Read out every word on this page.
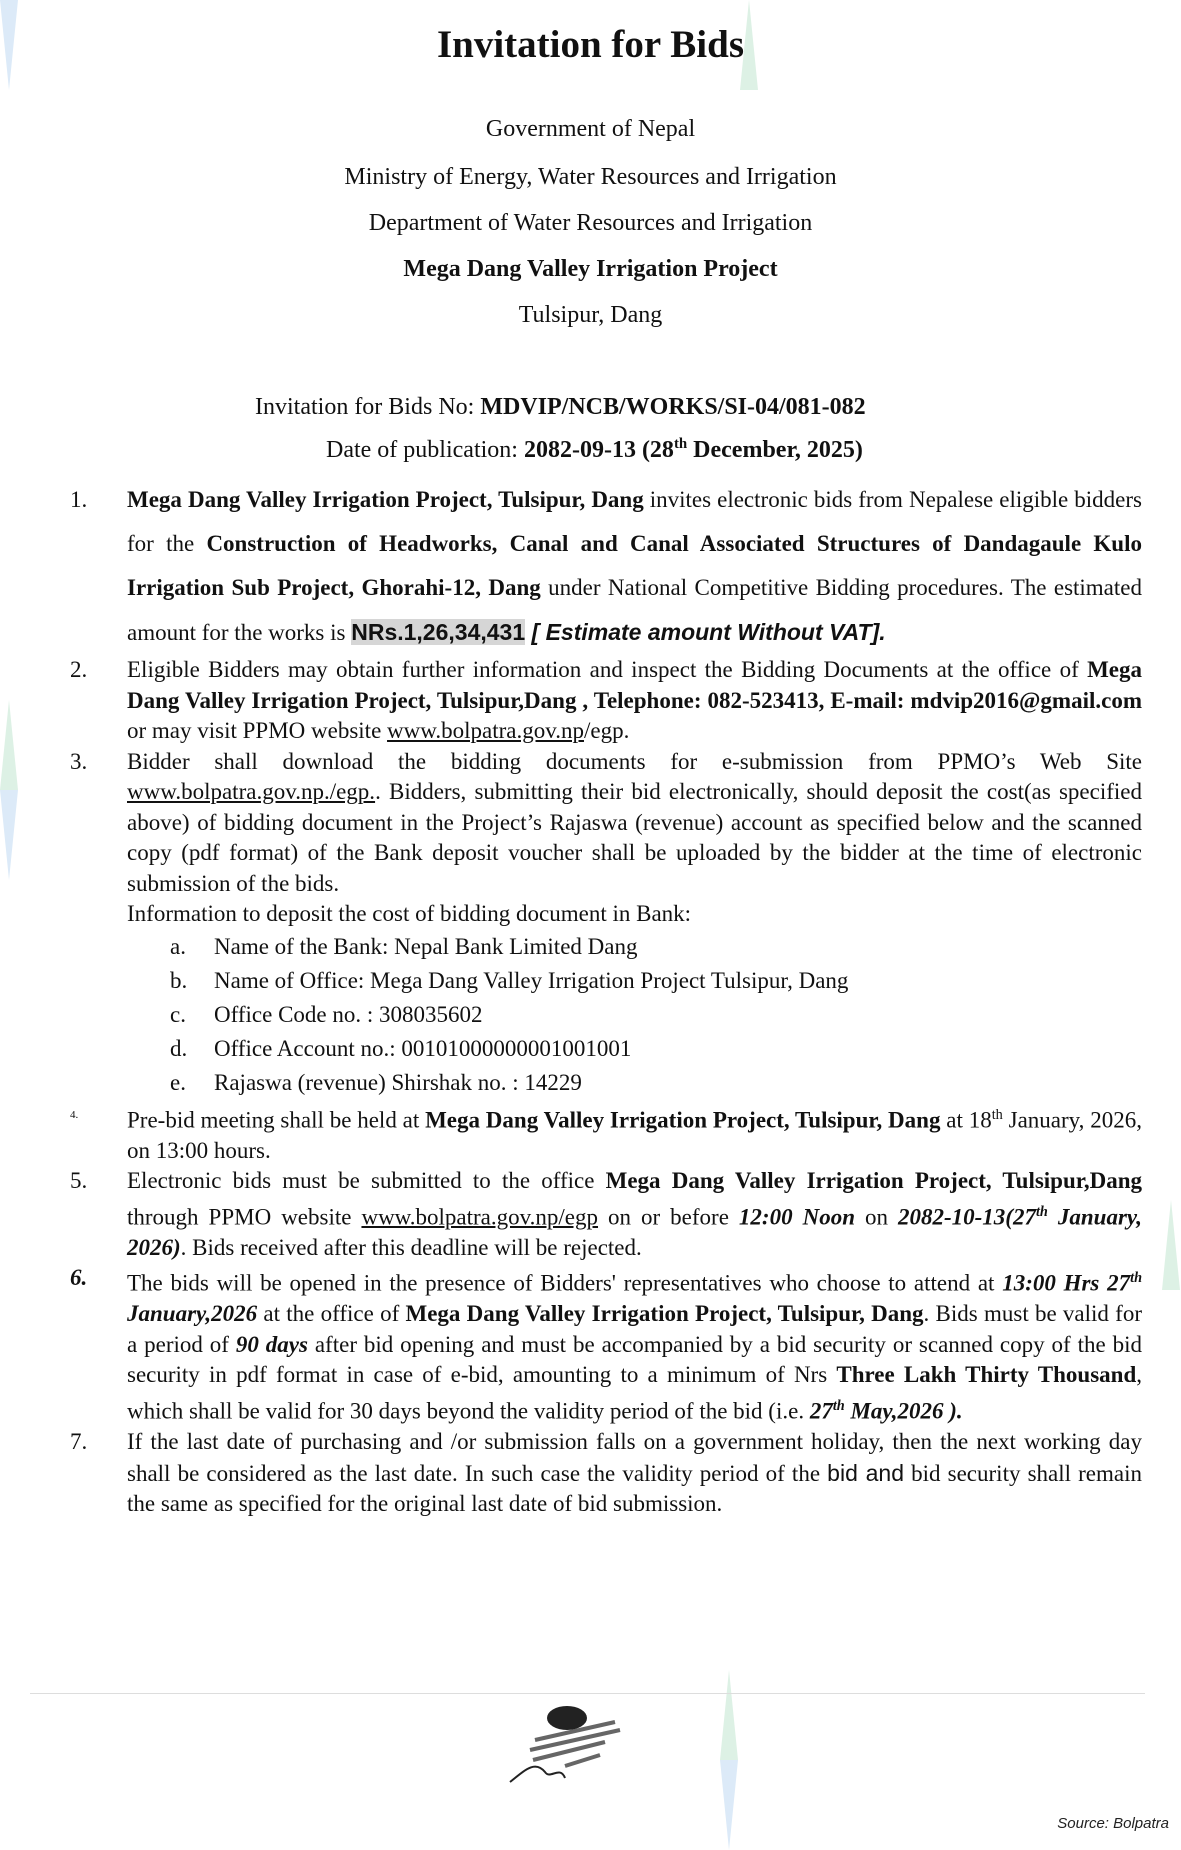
Invitation for Bids
Government of Nepal
Ministry of Energy, Water Resources and Irrigation
Department of Water Resources and Irrigation
Mega Dang Valley Irrigation Project
Tulsipur, Dang
Invitation for Bids No: MDVIP/NCB/WORKS/SI-04/081-082
Date of publication: 2082-09-13 (28th December, 2025)
1.	Mega Dang Valley Irrigation Project, Tulsipur, Dang invites electronic bids from Nepalese eligible bidders for the Construction of Headworks, Canal and Canal Associated Structures of Dandagaule Kulo Irrigation Sub Project, Ghorahi-12, Dang under National Competitive Bidding procedures. The estimated amount for the works is NRs.1,26,34,431 [ Estimate amount Without VAT].
2.	Eligible Bidders may obtain further information and inspect the Bidding Documents at the office of Mega Dang Valley Irrigation Project, Tulsipur,Dang , Telephone: 082-523413, E-mail: mdvip2016@gmail.com or may visit PPMO website www.bolpatra.gov.np/egp.
3.	Bidder shall download the bidding documents for e-submission from PPMO’s Web Site www.bolpatra.gov.np./egp.. Bidders, submitting their bid electronically, should deposit the cost(as specified above) of bidding document in the Project’s Rajaswa (revenue) account as specified below and the scanned copy (pdf format) of the Bank deposit voucher shall be uploaded by the bidder at the time of electronic submission of the bids.
Information to deposit the cost of bidding document in Bank:
a.	Name of the Bank: Nepal Bank Limited Dang
b.	Name of Office: Mega Dang Valley Irrigation Project Tulsipur, Dang
c.	Office Code no. : 308035602
d.	Office Account no.: 00101000000001001001
e.	Rajaswa (revenue) Shirshak no. : 14229
4.	Pre-bid meeting shall be held at Mega Dang Valley Irrigation Project, Tulsipur, Dang at 18th January, 2026, on 13:00 hours.
5.	Electronic bids must be submitted to the office Mega Dang Valley Irrigation Project, Tulsipur,Dang through PPMO website www.bolpatra.gov.np/egp on or before 12:00 Noon on 2082-10-13(27th January, 2026). Bids received after this deadline will be rejected.
6.	The bids will be opened in the presence of Bidders' representatives who choose to attend at 13:00 Hrs 27th January,2026 at the office of Mega Dang Valley Irrigation Project, Tulsipur, Dang. Bids must be valid for a period of 90 days after bid opening and must be accompanied by a bid security or scanned copy of the bid security in pdf format in case of e-bid, amounting to a minimum of Nrs Three Lakh Thirty Thousand, which shall be valid for 30 days beyond the validity period of the bid (i.e. 27th May,2026 ).
7.	If the last date of purchasing and /or submission falls on a government holiday, then the next working day shall be considered as the last date. In such case the validity period of the bid and bid security shall remain the same as specified for the original last date of bid submission.
Source: Bolpatra
